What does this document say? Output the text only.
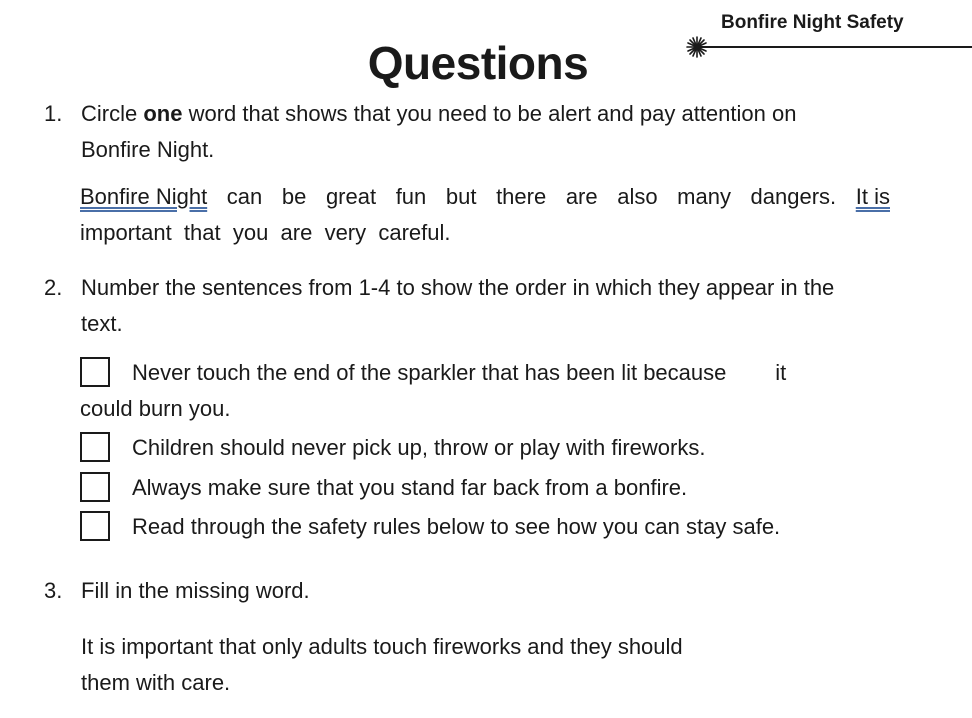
Bonfire Night Safety
Questions
1. Circle one word that shows that you need to be alert and pay attention on
Bonfire Night.
Bonfire Night can be great fun but there are also many dangers. It is
important  that  you  are  very  careful.
2. Number the sentences from 1-4 to show the order in which they appear in the
text.
Never touch the end of the sparkler that has been lit because        it
could burn you.
Children should never pick up, throw or play with fireworks.
Always make sure that you stand far back from a bonfire.
Read through the safety rules below to see how you can stay safe.
3. Fill in the missing word.
It is important that only adults touch fireworks and they should
them with care.
